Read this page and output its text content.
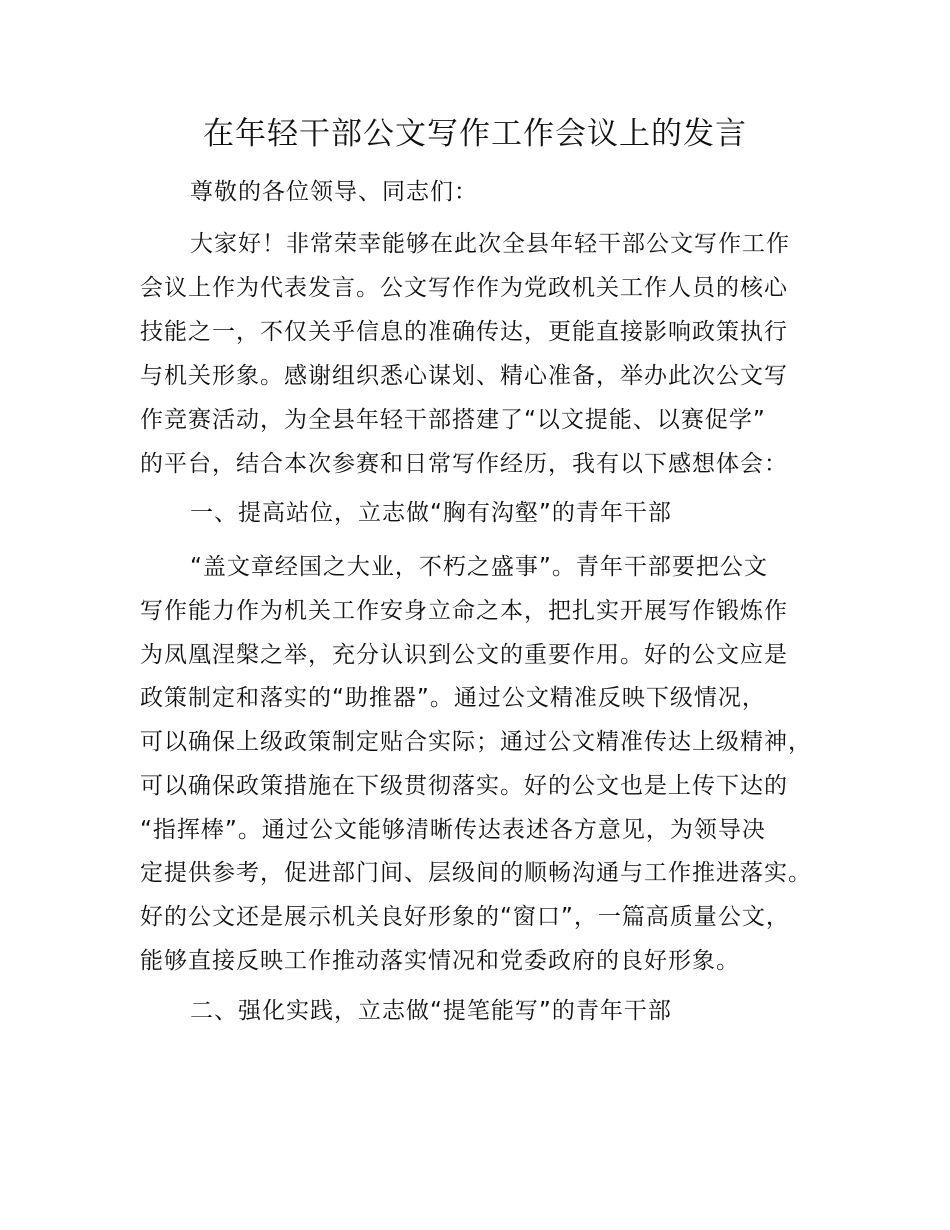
在年轻干部公文写作工作会议上的发言
尊敬的各位领导、同志们：
大家好！非常荣幸能够在此次全县年轻干部公文写作工作
会议上作为代表发言。公文写作作为党政机关工作人员的核心
技能之一，不仅关乎信息的准确传达，更能直接影响政策执行
与机关形象。感谢组织悉心谋划、精心准备，举办此次公文写
作竞赛活动，为全县年轻干部搭建了“以文提能、以赛促学”
的平台，结合本次参赛和日常写作经历，我有以下感想体会：
一、提高站位，立志做“胸有沟壑”的青年干部
“盖文章经国之大业，不朽之盛事”。青年干部要把公文
写作能力作为机关工作安身立命之本，把扎实开展写作锻炼作
为凤凰涅槃之举，充分认识到公文的重要作用。好的公文应是
政策制定和落实的“助推器”。通过公文精准反映下级情况，
可以确保上级政策制定贴合实际；通过公文精准传达上级精神，
可以确保政策措施在下级贯彻落实。好的公文也是上传下达的
“指挥棒”。通过公文能够清晰传达表述各方意见，为领导决
定提供参考，促进部门间、层级间的顺畅沟通与工作推进落实。
好的公文还是展示机关良好形象的“窗口”，一篇高质量公文，
能够直接反映工作推动落实情况和党委政府的良好形象。
二、强化实践，立志做“提笔能写”的青年干部
